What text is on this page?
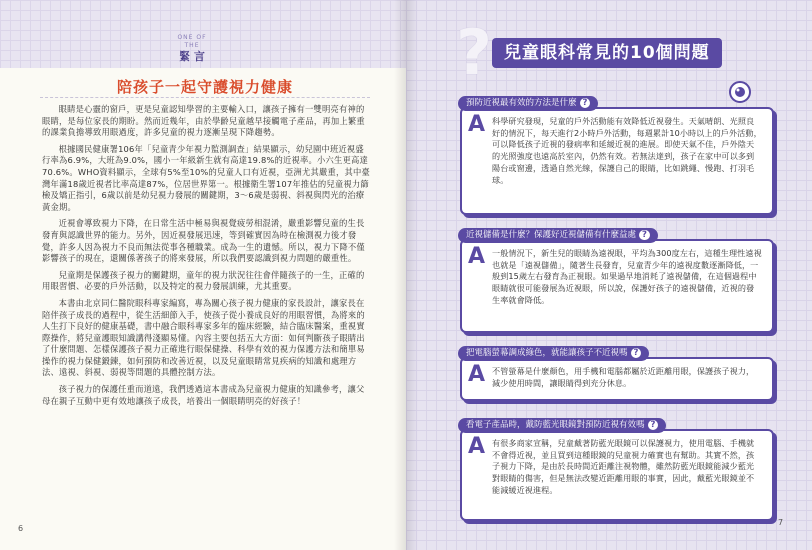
ONE OF THE
緊 言
陪孩子一起守護視力健康

眼睛是心靈的窗戶，更是兒童認知學習的主要輸入口，讓孩子擁有一雙明亮有神的眼睛，是每位家長的期盼。然而近幾年，由於學齡兒童越早接觸電子產品，再加上繁重的課業負擔導致用眼過度，許多兒童的視力逐漸呈現下降趨勢。

根據國民健康署106年「兒童青少年視力監測調查」結果顯示，幼兒園中班近視盛行率為6.9%，大班為9.0%，國小一年級新生就有高達19.8%的近視率。小六生更高達70.6%。WHO資料顯示，全球有5%至10%的兒童人口有近視，亞洲尤其嚴重，其中臺灣年滿18歲近視者比率高達87%，位居世界第一。根據衛生署107年推估的兒童視力篩檢及矯正指引，6歲以前是幼兒視力發展的關鍵期，3～6歲是弱視、斜視與閃光的治療黃金期。

近視會導致視力下降，在日常生活中極易與視覺疲勞相混淆，嚴重影響兒童的生長發育與認識世界的能力。另外，因近視發展迅速，等到確實因為時在檢測視力後才發覺，許多人因為視力不良而無法從事各種職業。成為一生的遺憾。所以，視力下降不僅影響孩子的現在，還關係著孩子的將來發展，所以我們要認識到視力問題的嚴重性。

兒童期是保護孩子視力的關鍵期，童年的視力狀況往往會伴隨孩子的一生，正確的用眼習慣、必要的戶外活動，以及特定的視力發展訓練，尤其重要。

本書由北京同仁醫院眼科專家編寫，專為關心孩子視力健康的家長設計，讓家長在陪伴孩子成長的過程中，從生活細節入手，使孩子從小養成良好的用眼習慣，為將來的人生打下良好的健康基礎，書中融合眼科專家多年的臨床經驗，結合臨床醫案，重視實際操作，將兒童護眼知識講得淺顯易懂。內容主要包括五大方面：如何判斷孩子眼睛出了什麼問題、怎樣保護孩子視力正確進行眼保健操、科學有效的視力保護方法和簡單易操作的視力保健鍛鍊，如何預防和改善近視，以及兒童眼睛常見疾病的知識和處理方法、遠視、斜視、弱視等問題的具體控制方法。

孩子視力的保護任重而道遠，我們透過這本書成為兒童視力健康的知識參考，讓父母在親子互動中更有效地讓孩子成長，培養出一個眼睛明亮的好孩子！

6
? 兒童眼科常見的10個問題
A 科學研究發現，兒童的戶外活動能有效降低近視發生。天氣晴朗、光照良好的情況下，每天進行2小時戶外活動，每週累計10小時以上的戶外活動，可以降低孩子近視的發病率和延緩近視的進展。即使天氣不佳，戶外陰天的光照強度也遠高於室內，仍然有效。若無法達到，孩子在家中可以多到陽台或窗邊，透過自然光線，保護自己的眼睛，比如跳繩、慢跑、打羽毛球。
預防近視最有效的方法是什麼 ?
A 一般情況下，新生兒的眼睛為遠視眼，平均為300度左右，這種生理性遠視也就是「遠視儲備」，隨著生長發育，兒童青少年的遠視度數逐漸降低，一般到15歲左右發育為正視眼。如果過早地消耗了遠視儲備，在這個過程中眼睛就很可能發展為近視眼，所以說，保護好孩子的遠視儲備，近視的發生率就會降低。
近視儲備是什麼？保護好近視儲備有什麼益處 ?
A 不管螢幕是什麼顏色，用手機和電腦都屬於近距離用眼，保護孩子視力，減少使用時間，讓眼睛得到充分休息。
把電腦螢幕調成綠色，就能讓孩子不近視嗎 ?
A 有很多商家宣稱，兒童戴著防藍光眼鏡可以保護視力，使用電腦、手機就不會得近視，並且買到這種眼鏡的兒童視力確實也有幫助。其實不然，孩子視力下降，是由於長時間近距離注視物體，雖然防藍光眼鏡能減少藍光對眼睛的傷害，但是無法改變近距離用眼的事實，因此，戴藍光眼鏡並不能減緩近視進程。
看電子產品時，戴防藍光眼鏡對預防近視有效嗎 ?
7
